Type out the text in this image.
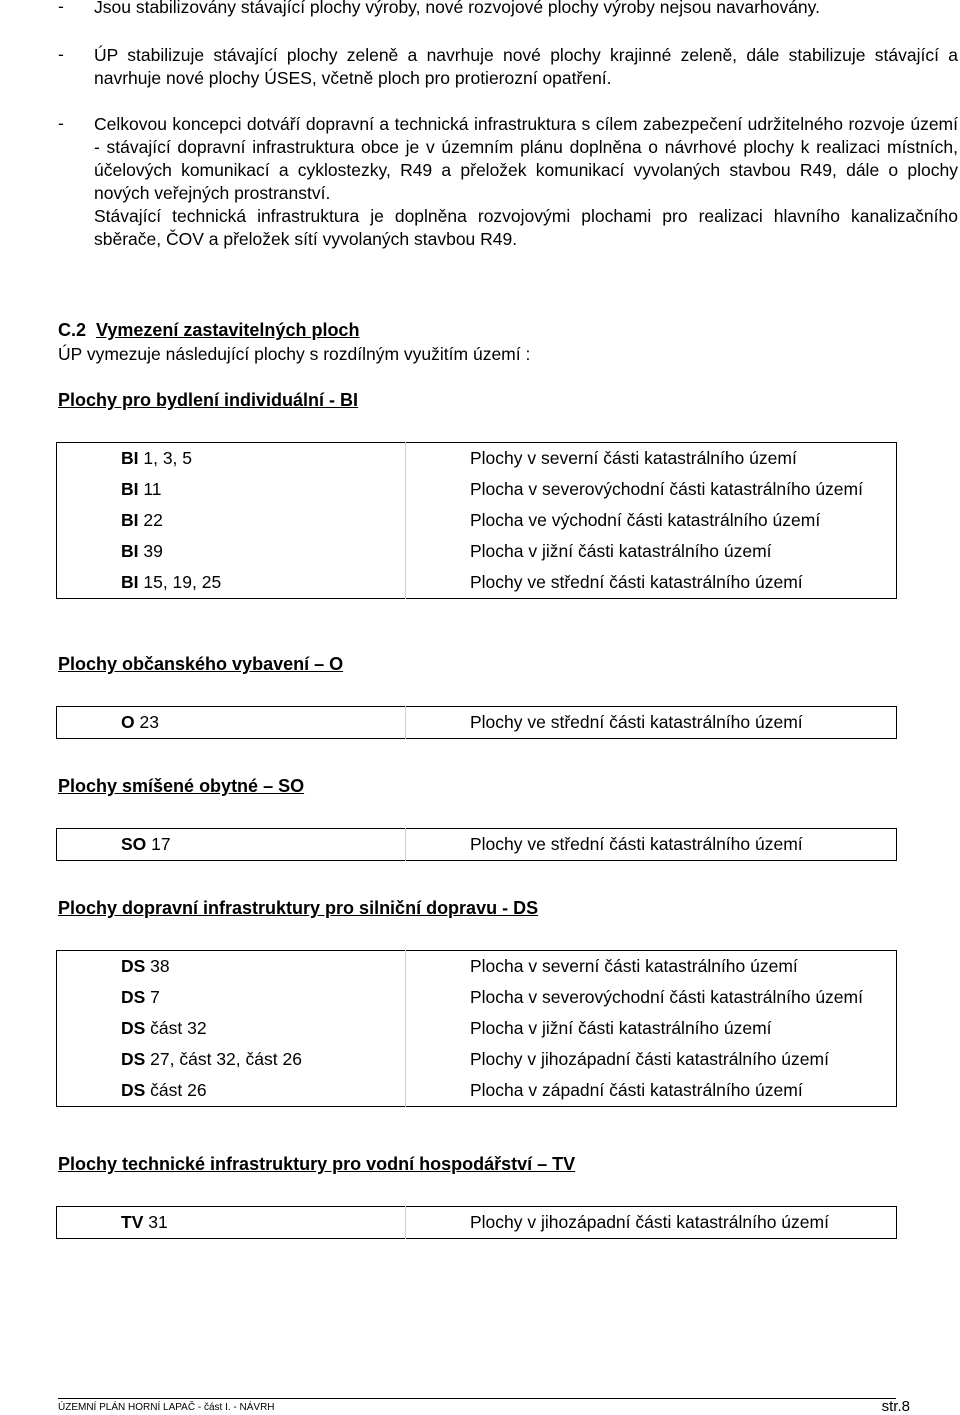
- Jsou stabilizovány stávající plochy výroby, nové rozvojové plochy výroby nejsou navarhovány.
- ÚP stabilizuje stávající plochy zeleně a navrhuje nové plochy krajinné zeleně, dále stabilizuje stávající a navrhuje nové plochy ÚSES, včetně ploch pro protierozní opatření.
- Celkovou koncepci dotváří dopravní a technická infrastruktura s cílem zabezpečení udržitelného rozvoje území - stávající dopravní infrastruktura obce je v územním plánu doplněna o návrhové plochy k realizaci místních, účelových komunikací a cyklostezky, R49 a přeložek komunikací vyvolaných stavbou R49, dále o plochy nových veřejných prostranství.
Stávající technická infrastruktura je doplněna rozvojovými plochami pro realizaci hlavního kanalizačního sběrače, ČOV a přeložek sítí vyvolaných stavbou R49.
C.2 Vymezení zastavitelných ploch
ÚP vymezuje následující plochy s rozdílným využitím území :
Plochy pro bydlení individuální - BI
BI 1, 3, 5	Plochy v severní části katastrálního území
BI 11	Plocha v severovýchodní části katastrálního území
BI 22	Plocha ve východní části katastrálního území
BI 39	Plocha v jižní části katastrálního území
BI 15, 19, 25	Plochy ve střední části katastrálního území
Plochy občanského vybavení – O
O 23	Plochy ve střední části katastrálního území
Plochy smíšené obytné – SO
SO 17	Plochy ve střední části katastrálního území
Plochy dopravní infrastruktury pro silniční dopravu - DS
DS 38	Plocha v severní části katastrálního území
DS 7	Plocha v severovýchodní části katastrálního území
DS část 32	Plocha v jižní části katastrálního území
DS 27, část 32, část 26	Plochy v jihozápadní části katastrálního území
DS část 26	Plocha v západní části katastrálního území
Plochy technické infrastruktury pro vodní hospodářství – TV
TV 31	Plochy v jihozápadní části katastrálního území
ÚZEMNÍ PLÁN HORNÍ LAPAČ - část I. - NÁVRH	str.8
